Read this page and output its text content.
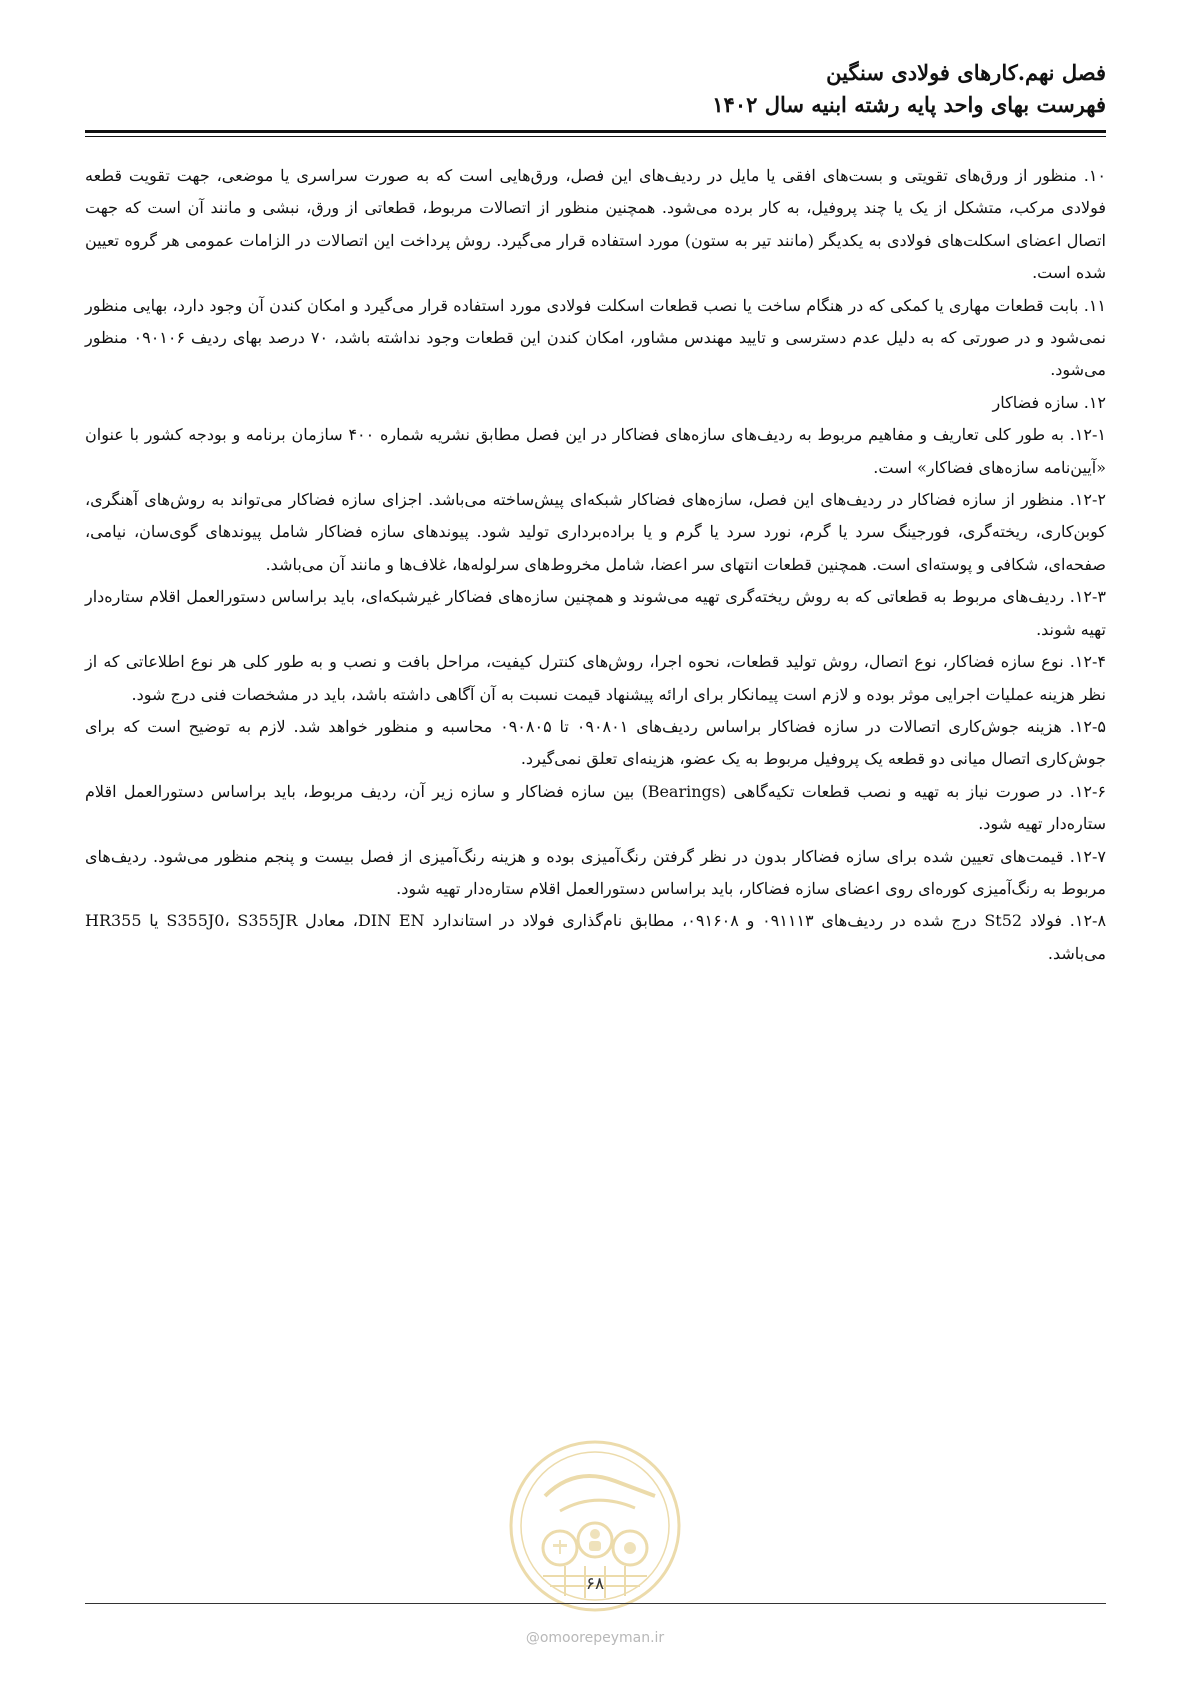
فصل نهم.کارهای فولادی سنگین
فهرست بهای واحد پایه رشته ابنیه سال ۱۴۰۲

۱۰. منظور از ورق‌های تقویتی و بست‌های افقی یا مایل در ردیف‌های این فصل، ورق‌هایی است که به صورت سراسری یا موضعی، جهت تقویت قطعه فولادی مرکب، متشکل از یک یا چند پروفیل، به کار برده می‌شود. همچنین منظور از اتصالات مربوط، قطعاتی از ورق، نبشی و مانند آن است که جهت اتصال اعضای اسکلت‌های فولادی به یکدیگر (مانند تیر به ستون) مورد استفاده قرار می‌گیرد. روش پرداخت این اتصالات در الزامات عمومی هر گروه تعیین شده است.

۱۱. بابت قطعات مهاری یا کمکی که در هنگام ساخت یا نصب قطعات اسکلت فولادی مورد استفاده قرار می‌گیرد و امکان کندن آن وجود دارد، بهایی منظور نمی‌شود و در صورتی که به دلیل عدم دسترسی و تایید مهندس مشاور، امکان کندن این قطعات وجود نداشته باشد، ۷۰ درصد بهای ردیف ۰۹۰۱۰۶ منظور می‌شود.

۱۲. سازه فضاکار

۱۲-۱. به طور کلی تعاریف و مفاهیم مربوط به ردیف‌های سازه‌های فضاکار در این فصل مطابق نشریه شماره ۴۰۰ سازمان برنامه و بودجه کشور با عنوان «آیین‌نامه سازه‌های فضاکار» است.

۱۲-۲. منظور از سازه فضاکار در ردیف‌های این فصل، سازه‌های فضاکار شبکه‌ای پیش‌ساخته می‌باشد. اجزای سازه فضاکار می‌تواند به روش‌های آهنگری، کوبن‌کاری، ریخته‌گری، فورجینگ سرد یا گرم، نورد سرد یا گرم و یا براده‌برداری تولید شود. پیوندهای سازه فضاکار شامل پیوندهای گوی‌سان، نیامی، صفحه‌ای، شکافی و پوسته‌ای است. همچنین قطعات انتهای سر اعضا، شامل مخروط‌های سرلوله‌ها، غلاف‌ها و مانند آن می‌باشد.

۱۲-۳. ردیف‌های مربوط به قطعاتی که به روش ریخته‌گری تهیه می‌شوند و همچنین سازه‌های فضاکار غیرشبکه‌ای، باید براساس دستورالعمل اقلام ستاره‌دار تهیه شوند.

۱۲-۴. نوع سازه فضاکار، نوع اتصال، روش تولید قطعات، نحوه اجرا، روش‌های کنترل کیفیت، مراحل بافت و نصب و به طور کلی هر نوع اطلاعاتی که از نظر هزینه عملیات اجرایی موثر بوده و لازم است پیمانکار برای ارائه پیشنهاد قیمت نسبت به آن آگاهی داشته باشد، باید در مشخصات فنی درج شود.

۱۲-۵. هزینه جوش‌کاری اتصالات در سازه فضاکار براساس ردیف‌های ۰۹۰۸۰۱ تا ۰۹۰۸۰۵ محاسبه و منظور خواهد شد. لازم به توضیح است که برای جوش‌کاری اتصال میانی دو قطعه یک پروفیل مربوط به یک عضو، هزینه‌ای تعلق نمی‌گیرد.

۱۲-۶. در صورت نیاز به تهیه و نصب قطعات تکیه‌گاهی (Bearings) بین سازه فضاکار و سازه زیر آن، ردیف مربوط، باید براساس دستورالعمل اقلام ستاره‌دار تهیه شود.

۱۲-۷. قیمت‌های تعیین شده برای سازه فضاکار بدون در نظر گرفتن رنگ‌آمیزی بوده و هزینه رنگ‌آمیزی از فصل بیست و پنجم منظور می‌شود. ردیف‌های مربوط به رنگ‌آمیزی کوره‌ای روی اعضای سازه فضاکار، باید براساس دستورالعمل اقلام ستاره‌دار تهیه شود.

۱۲-۸. فولاد St52 درج شده در ردیف‌های ۰۹۱۱۱۳ و ۰۹۱۶۰۸، مطابق نام‌گذاری فولاد در استاندارد DIN EN، معادل S355J0، S355JR یا HR355 می‌باشد.

۶۸
@omoorepeyman.ir
